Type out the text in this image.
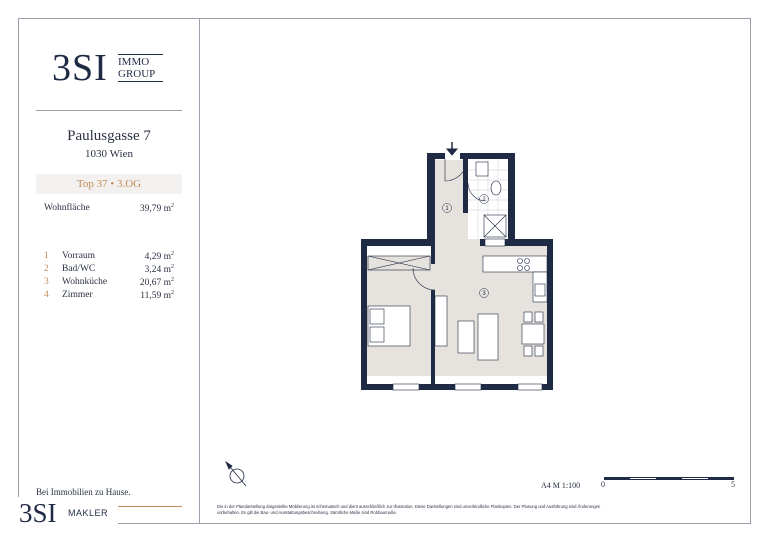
3SI IMMO
GROUP
Paulusgasse 7
1030 Wien
Top 37 • 3.OG
Wohnfläche	39,79 $m^2$
1 Vorraum	4,29 $m^2$
2 Bad/WC	3,24 $m^2$
3 Wohnküche	20,67 $m^2$
4 Zimmer	11,59 $m^2$
Bei Immobilien zu Hause.
3SI MAKLER
1
2
3
A4 M 1:100	0	5
Die in der Plandarstellung dargestellte Möblierung ist schematisch und dient ausschließlich zur Illustration. Diese Darstellungen sind unverbindliche Plankopien. Der Planung und Ausführung sind Änderungen vorbehalten. Es gilt die Bau- und Ausstattungsbeschreibung. Sämtliche Maße sind Rohbaumaße.
